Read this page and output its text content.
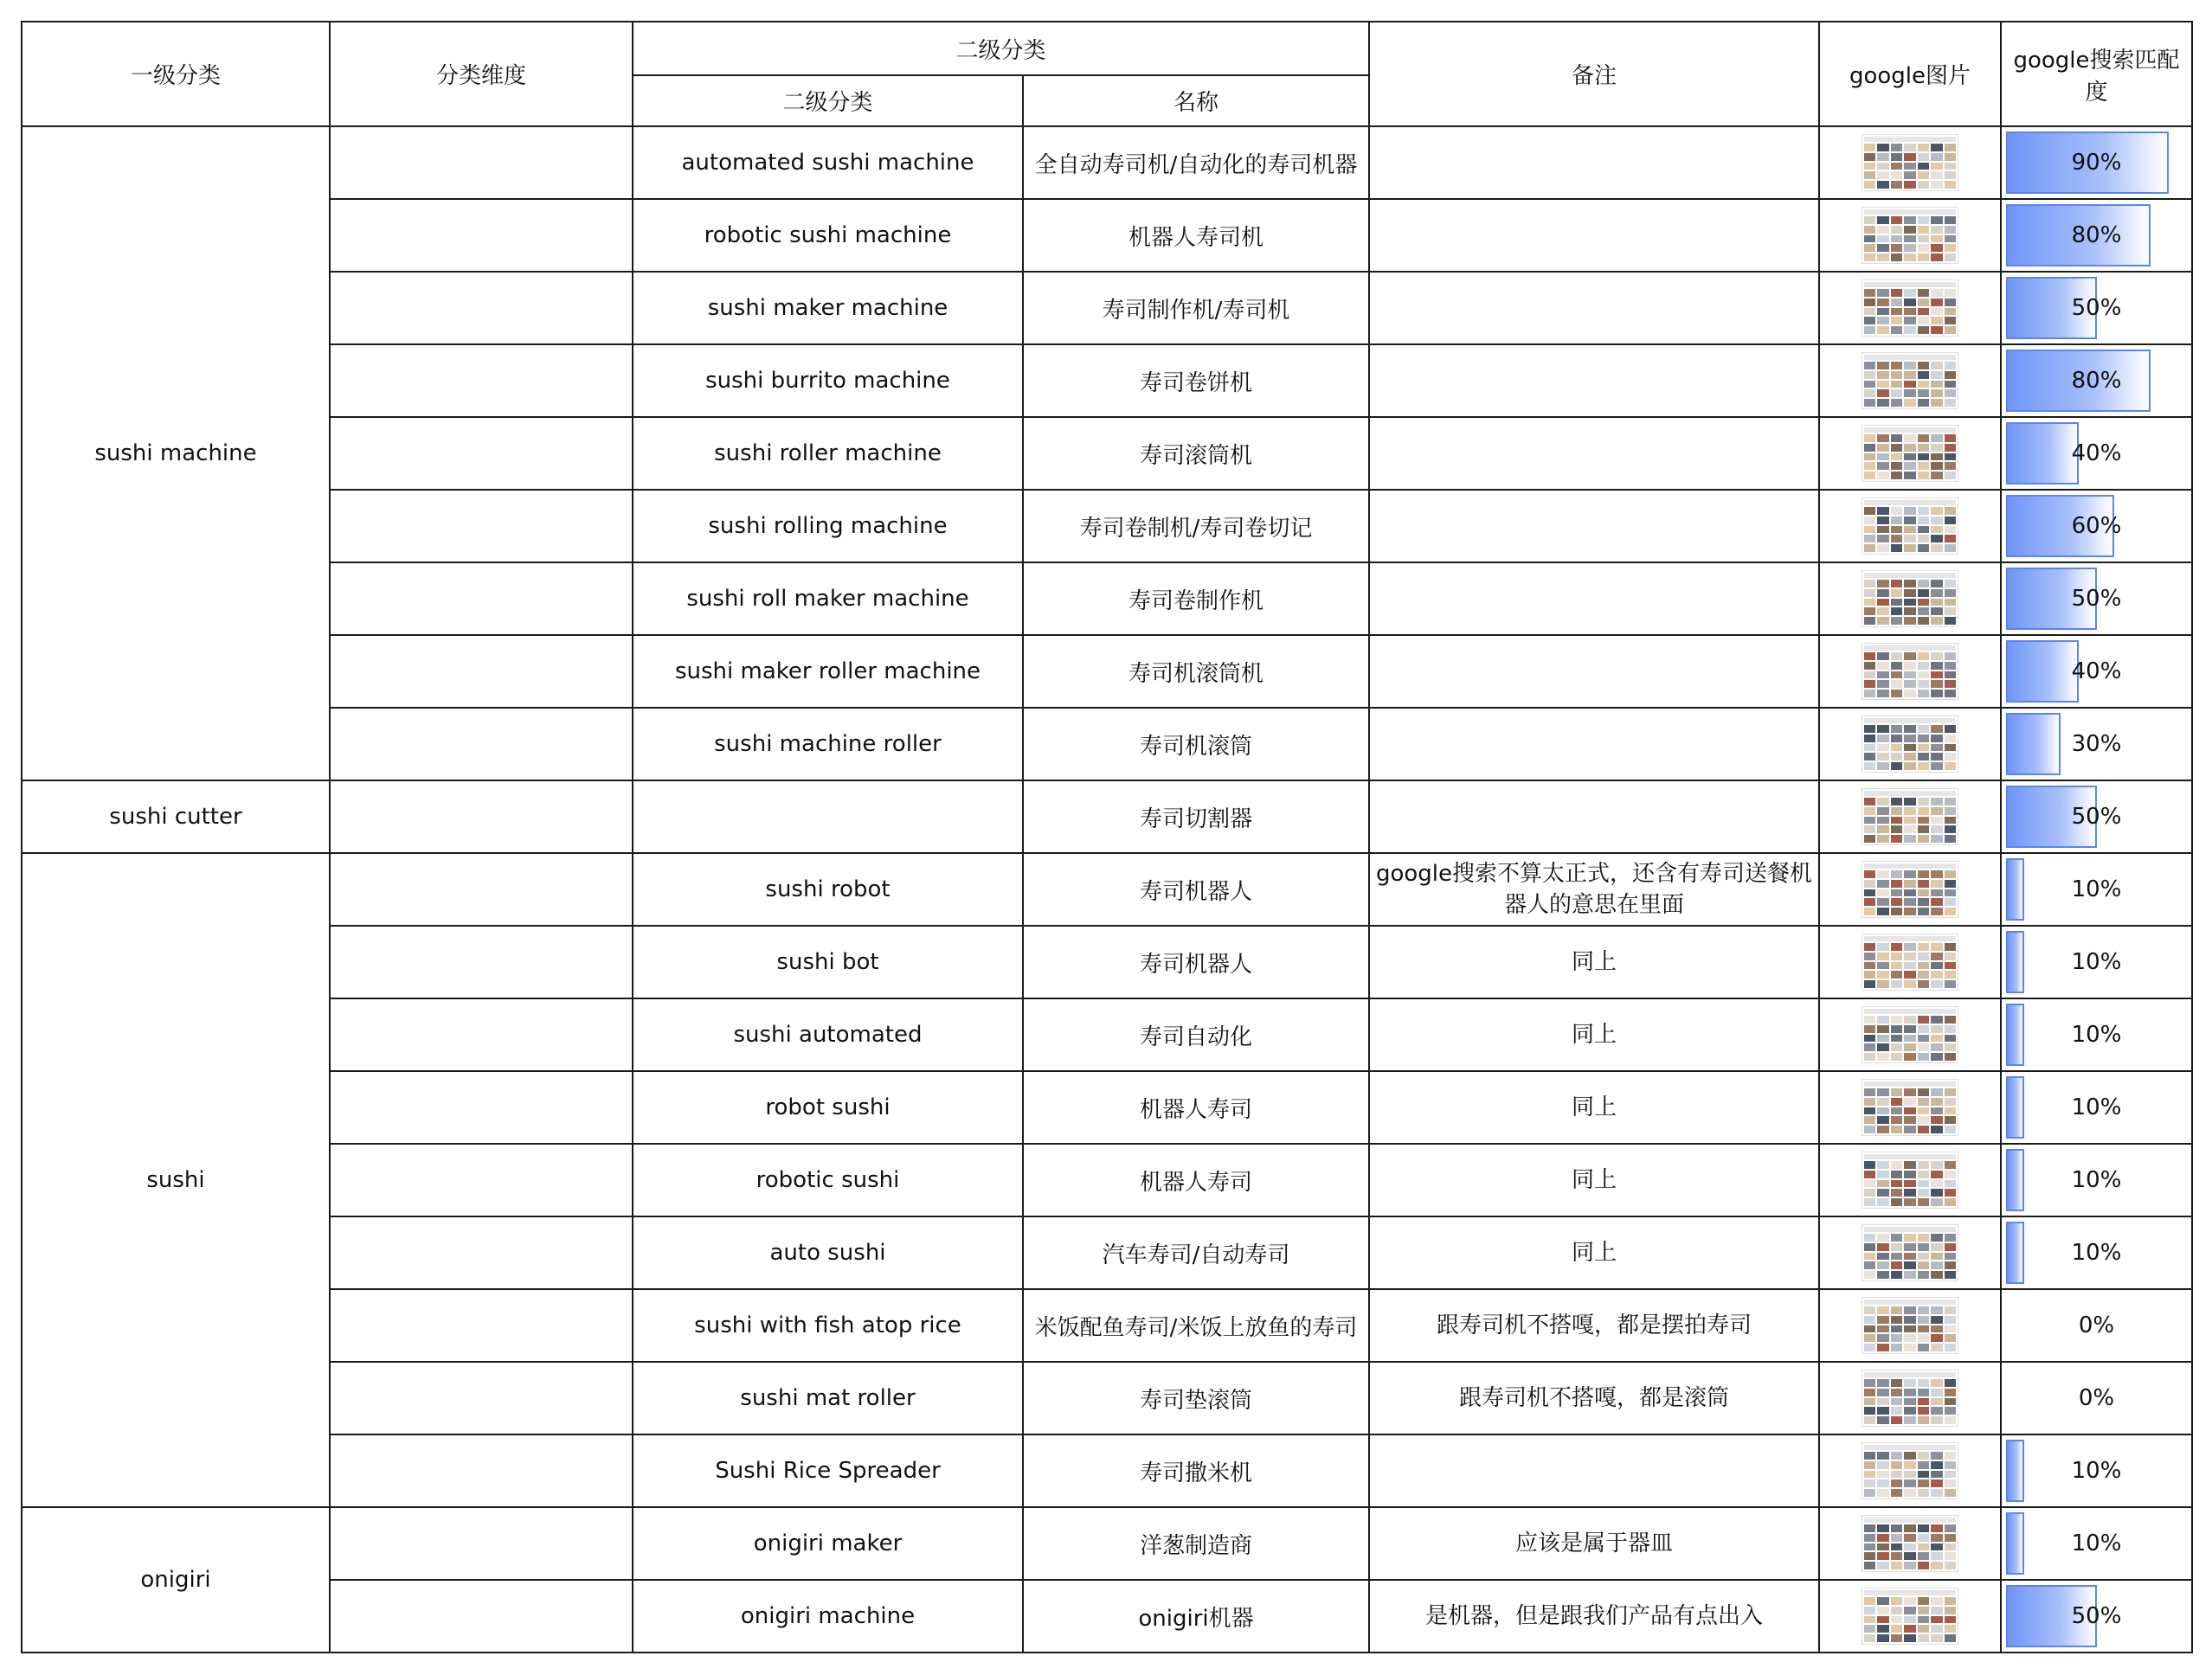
一级分类	分类维度	二级分类		备注	google图片	google搜索匹配度
		二级分类	名称			
sushi machine		automated sushi machine	全自动寿司机/自动化的寿司机器			90%
		robotic sushi machine	机器人寿司机			80%
		sushi maker machine	寿司制作机/寿司机			50%
		sushi burrito machine	寿司卷饼机			80%
		sushi roller machine	寿司滚筒机			40%
		sushi rolling machine	寿司卷制机/寿司卷切记			60%
		sushi roll maker machine	寿司卷制作机			50%
		sushi maker roller machine	寿司机滚筒机			40%
		sushi machine roller	寿司机滚筒			30%
sushi cutter			寿司切割器			50%
sushi		sushi robot	寿司机器人	google搜索不算太正式，还含有寿司送餐机器人的意思在里面		10%
		sushi bot	寿司机器人	同上		10%
		sushi automated	寿司自动化	同上		10%
		robot sushi	机器人寿司	同上		10%
		robotic sushi	机器人寿司	同上		10%
		auto sushi	汽车寿司/自动寿司	同上		10%
		sushi with fish atop rice	米饭配鱼寿司/米饭上放鱼的寿司	跟寿司机不搭嘎，都是摆拍寿司		0%
		sushi mat roller	寿司垫滚筒	跟寿司机不搭嘎，都是滚筒		0%
		Sushi Rice Spreader	寿司撒米机			10%
onigiri		onigiri maker	洋葱制造商	应该是属于器皿		10%
		onigiri machine	onigiri机器	是机器，但是跟我们产品有点出入		50%
